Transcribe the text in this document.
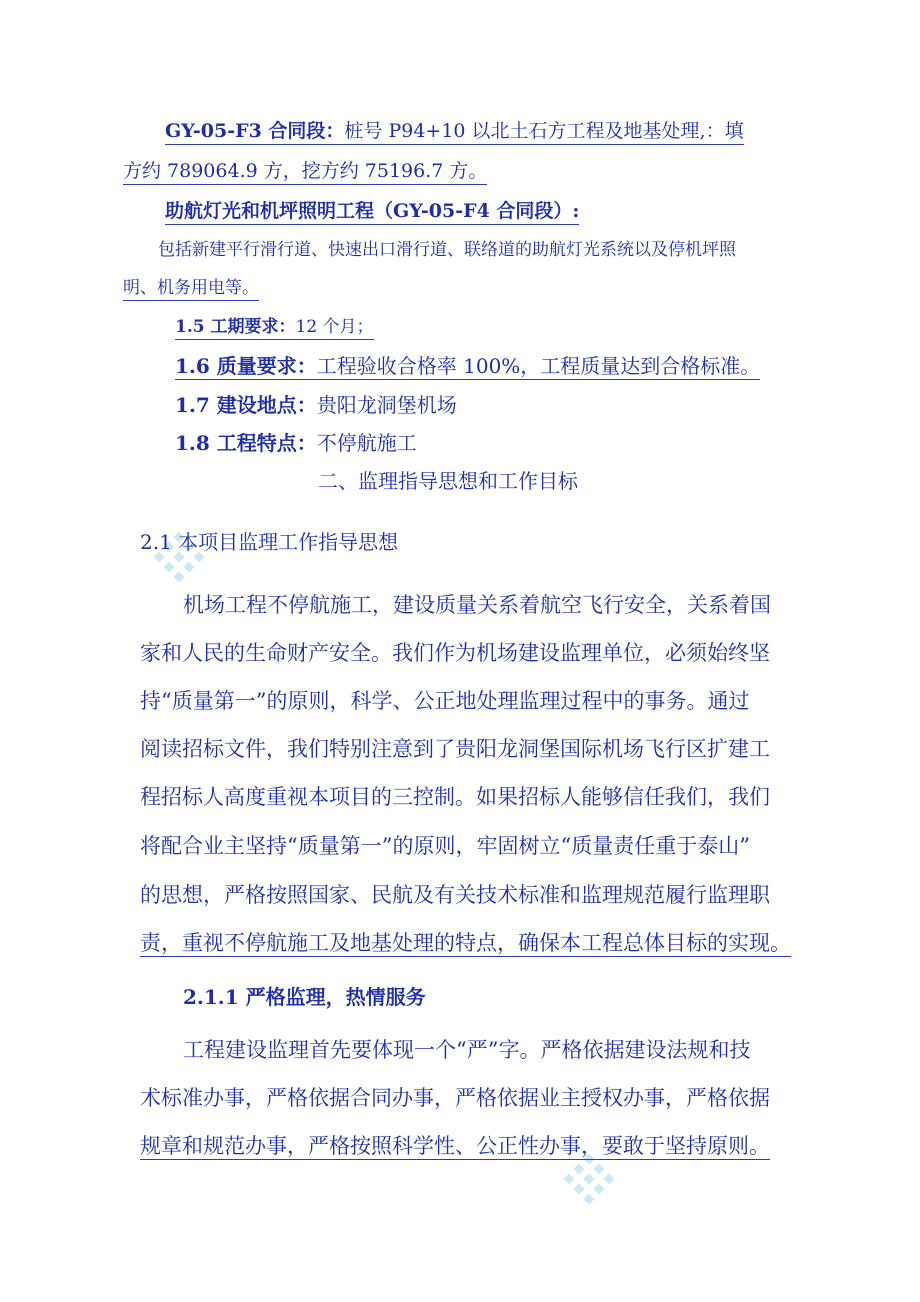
GY-05-F3 合同段：桩号 P94+10 以北土石方工程及地基处理,：填
方约 789064.9 方，挖方约 75196.7 方。
助航灯光和机坪照明工程（GY-05-F4 合同段）:
包括新建平行滑行道、快速出口滑行道、联络道的助航灯光系统以及停机坪照
明、机务用电等。
1.5 工期要求：12 个月；
1.6 质量要求：工程验收合格率 100%，工程质量达到合格标准。
1.7 建设地点：贵阳龙洞堡机场
1.8 工程特点：不停航施工
二、监理指导思想和工作目标
2.1 本项目监理工作指导思想
机场工程不停航施工，建设质量关系着航空飞行安全，关系着国
家和人民的生命财产安全。我们作为机场建设监理单位，必须始终坚
持“质量第一”的原则，科学、公正地处理监理过程中的事务。通过
阅读招标文件，我们特别注意到了贵阳龙洞堡国际机场飞行区扩建工
程招标人高度重视本项目的三控制。如果招标人能够信任我们，我们
将配合业主坚持“质量第一”的原则，牢固树立“质量责任重于泰山”
的思想，严格按照国家、民航及有关技术标准和监理规范履行监理职
责，重视不停航施工及地基处理的特点，确保本工程总体目标的实现。
2.1.1 严格监理，热情服务
工程建设监理首先要体现一个“严”字。严格依据建设法规和技
术标准办事，严格依据合同办事，严格依据业主授权办事，严格依据
规章和规范办事，严格按照科学性、公正性办事，要敢于坚持原则。
